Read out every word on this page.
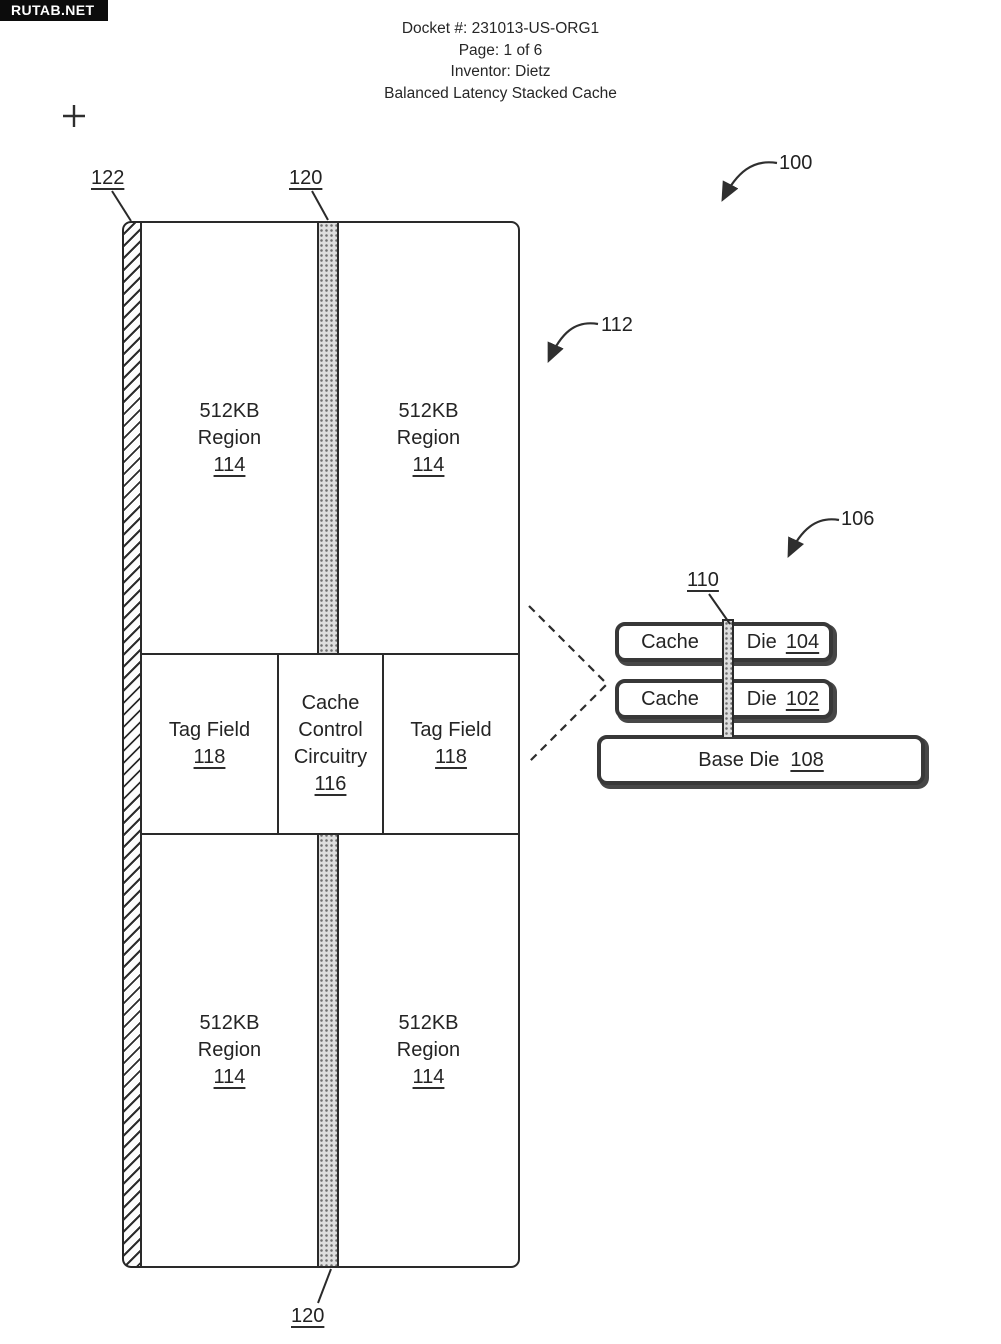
RUTAB.NET
Docket #: 231013-US-ORG1
Page: 1 of 6
Inventor: Dietz
Balanced Latency Stacked Cache
512KB
Region
114
512KB
Region
114
Tag Field
118
Cache
Control
Circuitry
116
Tag Field
118
512KB
Region
114
512KB
Region
114
Cache	Die 104
Cache	Die 102
Base Die 108
122	120
100
112
106
110
120
